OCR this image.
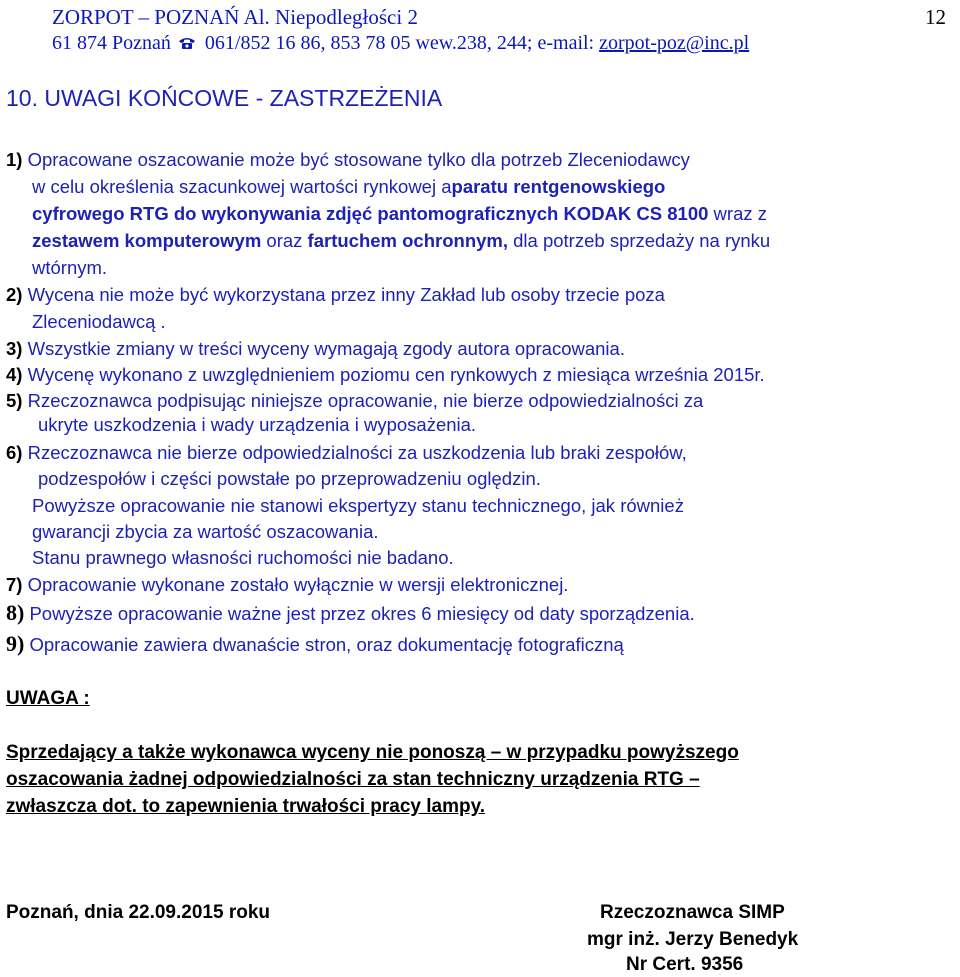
ZORPOT – POZNAŃ Al. Niepodległości 2	12
61 874 Poznań 061/852 16 86, 853 78 05 wew.238, 244; e-mail: zorpot-poz@inc.pl
10. UWAGI KOŃCOWE - ZASTRZEŻENIA
1) Opracowane oszacowanie może być stosowane tylko dla potrzeb Zleceniodawcy
w celu określenia szacunkowej wartości rynkowej aparatu rentgenowskiego
cyfrowego RTG do wykonywania zdjęć pantomograficznych KODAK CS 8100 wraz z
zestawem komputerowym oraz fartuchem ochronnym, dla potrzeb sprzedaży na rynku
wtórnym.
2) Wycena nie może być wykorzystana przez inny Zakład lub osoby trzecie poza
Zleceniodawcą .
3) Wszystkie zmiany w treści wyceny wymagają zgody autora opracowania.
4) Wycenę wykonano z uwzględnieniem poziomu cen rynkowych z miesiąca września 2015r.
5) Rzeczoznawca podpisując niniejsze opracowanie, nie bierze odpowiedzialności za
ukryte uszkodzenia i wady urządzenia i wyposażenia.
6) Rzeczoznawca nie bierze odpowiedzialności za uszkodzenia lub braki zespołów,
podzespołów i części powstałe po przeprowadzeniu oględzin.
Powyższe opracowanie nie stanowi ekspertyzy stanu technicznego, jak również
gwarancji zbycia za wartość oszacowania.
Stanu prawnego własności ruchomości nie badano.
7) Opracowanie wykonane zostało wyłącznie w wersji elektronicznej.
8) Powyższe opracowanie ważne jest przez okres 6 miesięcy od daty sporządzenia.
9) Opracowanie zawiera dwanaście stron, oraz dokumentację fotograficzną
UWAGA :
Sprzedający a także wykonawca wyceny nie ponoszą – w przypadku powyższego
oszacowania żadnej odpowiedzialności za stan techniczny urządzenia RTG –
zwłaszcza dot. to zapewnienia trwałości pracy lampy.
Poznań, dnia 22.09.2015 roku	Rzeczoznawca SIMP
mgr inż. Jerzy Benedyk
Nr Cert. 9356
